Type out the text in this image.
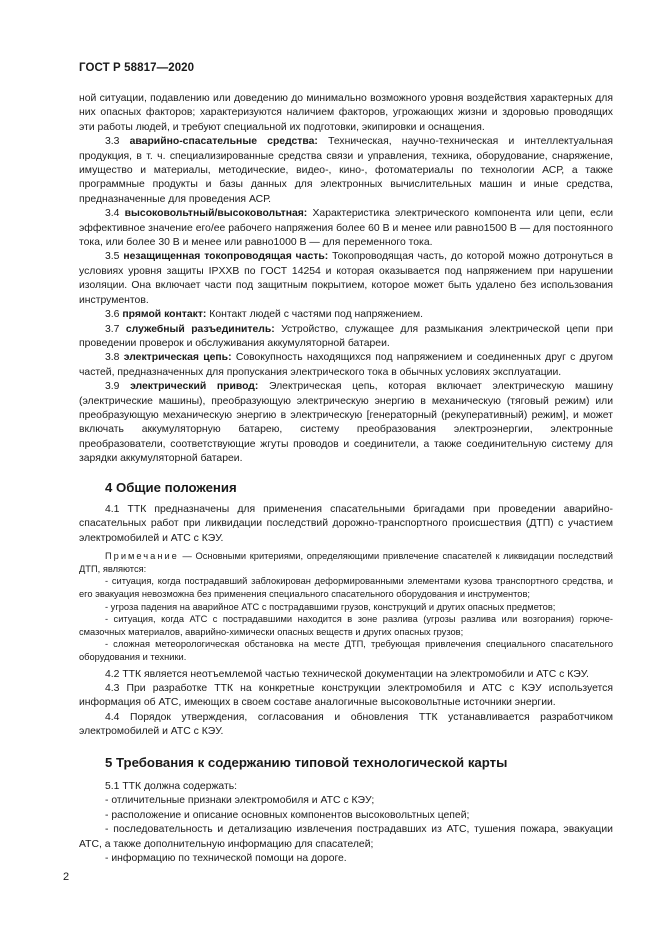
ГОСТ Р 58817—2020

ной ситуации, подавлению или доведению до минимально возможного уровня воздействия характерных для них опасных факторов; характеризуются наличием факторов, угрожающих жизни и здоровью проводящих эти работы людей, и требуют специальной их подготовки, экипировки и оснащения.

3.3 аварийно-спасательные средства: Техническая, научно-техническая и интеллектуальная продукция, в т. ч. специализированные средства связи и управления, техника, оборудование, снаряжение, имущество и материалы, методические, видео-, кино-, фотоматериалы по технологии АСР, а также программные продукты и базы данных для электронных вычислительных машин и иные средства, предназначенные для проведения АСР.

3.4 высоковольтный/высоковольтная: Характеристика электрического компонента или цепи, если эффективное значение его/ее рабочего напряжения более 60 В и менее или равно1500 В — для постоянного тока, или более 30 В и менее или равно1000 В — для переменного тока.

3.5 незащищенная токопроводящая часть: Токопроводящая часть, до которой можно дотронуться в условиях уровня защиты IPXXB по ГОСТ 14254 и которая оказывается под напряжением при нарушении изоляции. Она включает части под защитным покрытием, которое может быть удалено без использования инструментов.

3.6 прямой контакт: Контакт людей с частями под напряжением.

3.7 служебный разъединитель: Устройство, служащее для размыкания электрической цепи при проведении проверок и обслуживания аккумуляторной батареи.

3.8 электрическая цепь: Совокупность находящихся под напряжением и соединенных друг с другом частей, предназначенных для пропускания электрического тока в обычных условиях эксплуатации.

3.9 электрический привод: Электрическая цепь, которая включает электрическую машину (электрические машины), преобразующую электрическую энергию в механическую (тяговый режим) или преобразующую механическую энергию в электрическую [генераторный (рекуперативный) режим], и может включать аккумуляторную батарею, систему преобразования электроэнергии, электронные преобразователи, соответствующие жгуты проводов и соединители, а также соединительную систему для зарядки аккумуляторной батареи.

4 Общие положения

4.1 ТТК предназначены для применения спасательными бригадами при проведении аварийно-спасательных работ при ликвидации последствий дорожно-транспортного происшествия (ДТП) с участием электромобилей и АТС с КЭУ.

Примечание — Основными критериями, определяющими привлечение спасателей к ликвидации последствий ДТП, являются:

- ситуация, когда пострадавший заблокирован деформированными элементами кузова транспортного средства, и его эвакуация невозможна без применения специального спасательного оборудования и инструментов;

- угроза падения на аварийное АТС с пострадавшими грузов, конструкций и других опасных предметов;

- ситуация, когда АТС с пострадавшими находится в зоне разлива (угрозы разлива или возгорания) горюче-смазочных материалов, аварийно-химически опасных веществ и других опасных грузов;

- сложная метеорологическая обстановка на месте ДТП, требующая привлечения специального спасательного оборудования и техники.

4.2 ТТК является неотъемлемой частью технической документации на электромобили и АТС с КЭУ.

4.3 При разработке ТТК на конкретные конструкции электромобиля и АТС с КЭУ используется информация об АТС, имеющих в своем составе аналогичные высоковольтные источники энергии.

4.4 Порядок утверждения, согласования и обновления ТТК устанавливается разработчиком электромобилей и АТС с КЭУ.

5 Требования к содержанию типовой технологической карты

5.1 ТТК должна содержать:

- отличительные признаки электромобиля и АТС с КЭУ;

- расположение и описание основных компонентов высоковольтных цепей;

- последовательность и детализацию извлечения пострадавших из АТС, тушения пожара, эвакуации АТС, а также дополнительную информацию для спасателей;

- информацию по технической помощи на дороге.

2
